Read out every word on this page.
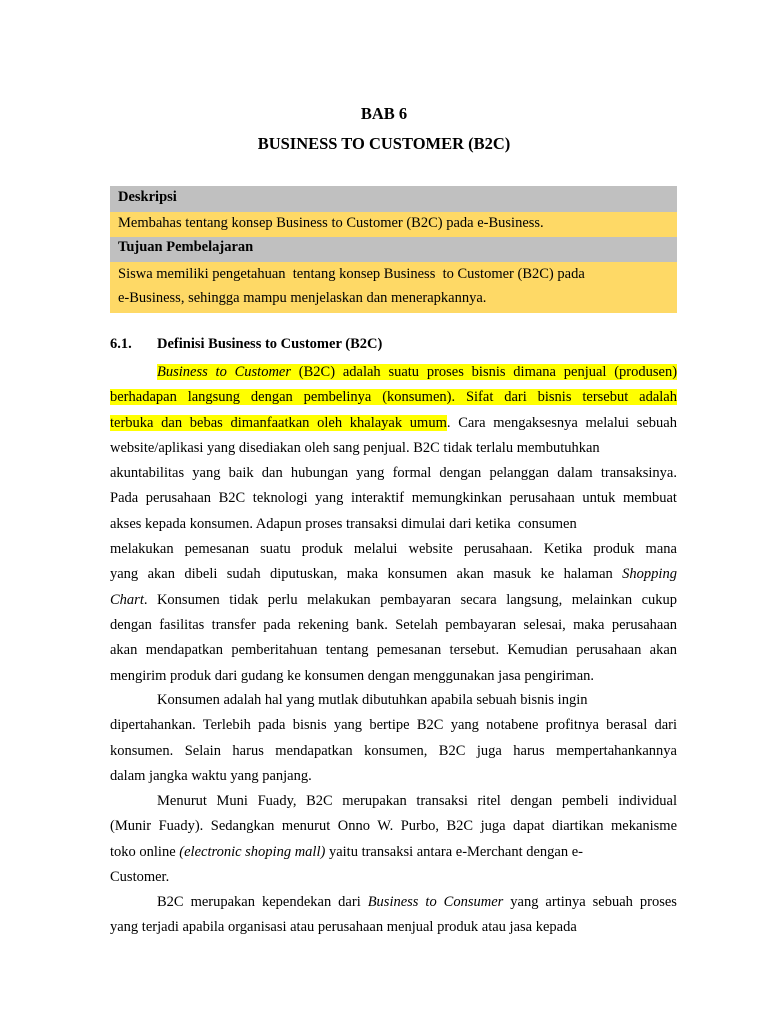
BAB 6
BUSINESS TO CUSTOMER (B2C)
Deskripsi
Membahas tentang konsep Business to Customer (B2C) pada e-Business.
Tujuan Pembelajaran
Siswa memiliki pengetahuan  tentang konsep Business  to Customer (B2C) pada
e-Business, sehingga mampu menjelaskan dan menerapkannya.
6.1. Definisi Business to Customer (B2C)
Business to Customer (B2C) adalah suatu proses bisnis dimana penjual (produsen)
berhadapan langsung dengan pembelinya (konsumen). Sifat dari bisnis tersebut adalah
terbuka dan bebas dimanfaatkan oleh khalayak umum. Cara mengaksesnya melalui sebuah
website/aplikasi yang disediakan oleh sang penjual. B2C tidak terlalu membutuhkan
akuntabilitas yang baik dan hubungan yang formal dengan pelanggan dalam transaksinya.
Pada perusahaan B2C teknologi yang interaktif memungkinkan perusahaan untuk membuat
akses kepada konsumen. Adapun proses transaksi dimulai dari ketika  consumen
melakukan pemesanan suatu produk melalui website perusahaan. Ketika produk mana
yang akan dibeli sudah diputuskan, maka konsumen akan masuk ke halaman Shopping
Chart. Konsumen tidak perlu melakukan pembayaran secara langsung, melainkan cukup
dengan fasilitas transfer pada rekening bank. Setelah pembayaran selesai, maka perusahaan
akan mendapatkan pemberitahuan tentang pemesanan tersebut. Kemudian perusahaan akan
mengirim produk dari gudang ke konsumen dengan menggunakan jasa pengiriman.
Konsumen adalah hal yang mutlak dibutuhkan apabila sebuah bisnis ingin
dipertahankan. Terlebih pada bisnis yang bertipe B2C yang notabene profitnya berasal dari
konsumen. Selain harus mendapatkan konsumen, B2C juga harus mempertahankannya
dalam jangka waktu yang panjang.
Menurut Muni Fuady, B2C merupakan transaksi ritel dengan pembeli individual
(Munir Fuady). Sedangkan menurut Onno W. Purbo, B2C juga dapat diartikan mekanisme
toko online (electronic shoping mall) yaitu transaksi antara e-Merchant dengan e-
Customer.
B2C merupakan kependekan dari Business to Consumer yang artinya sebuah proses
yang terjadi apabila organisasi atau perusahaan menjual produk atau jasa kepada
